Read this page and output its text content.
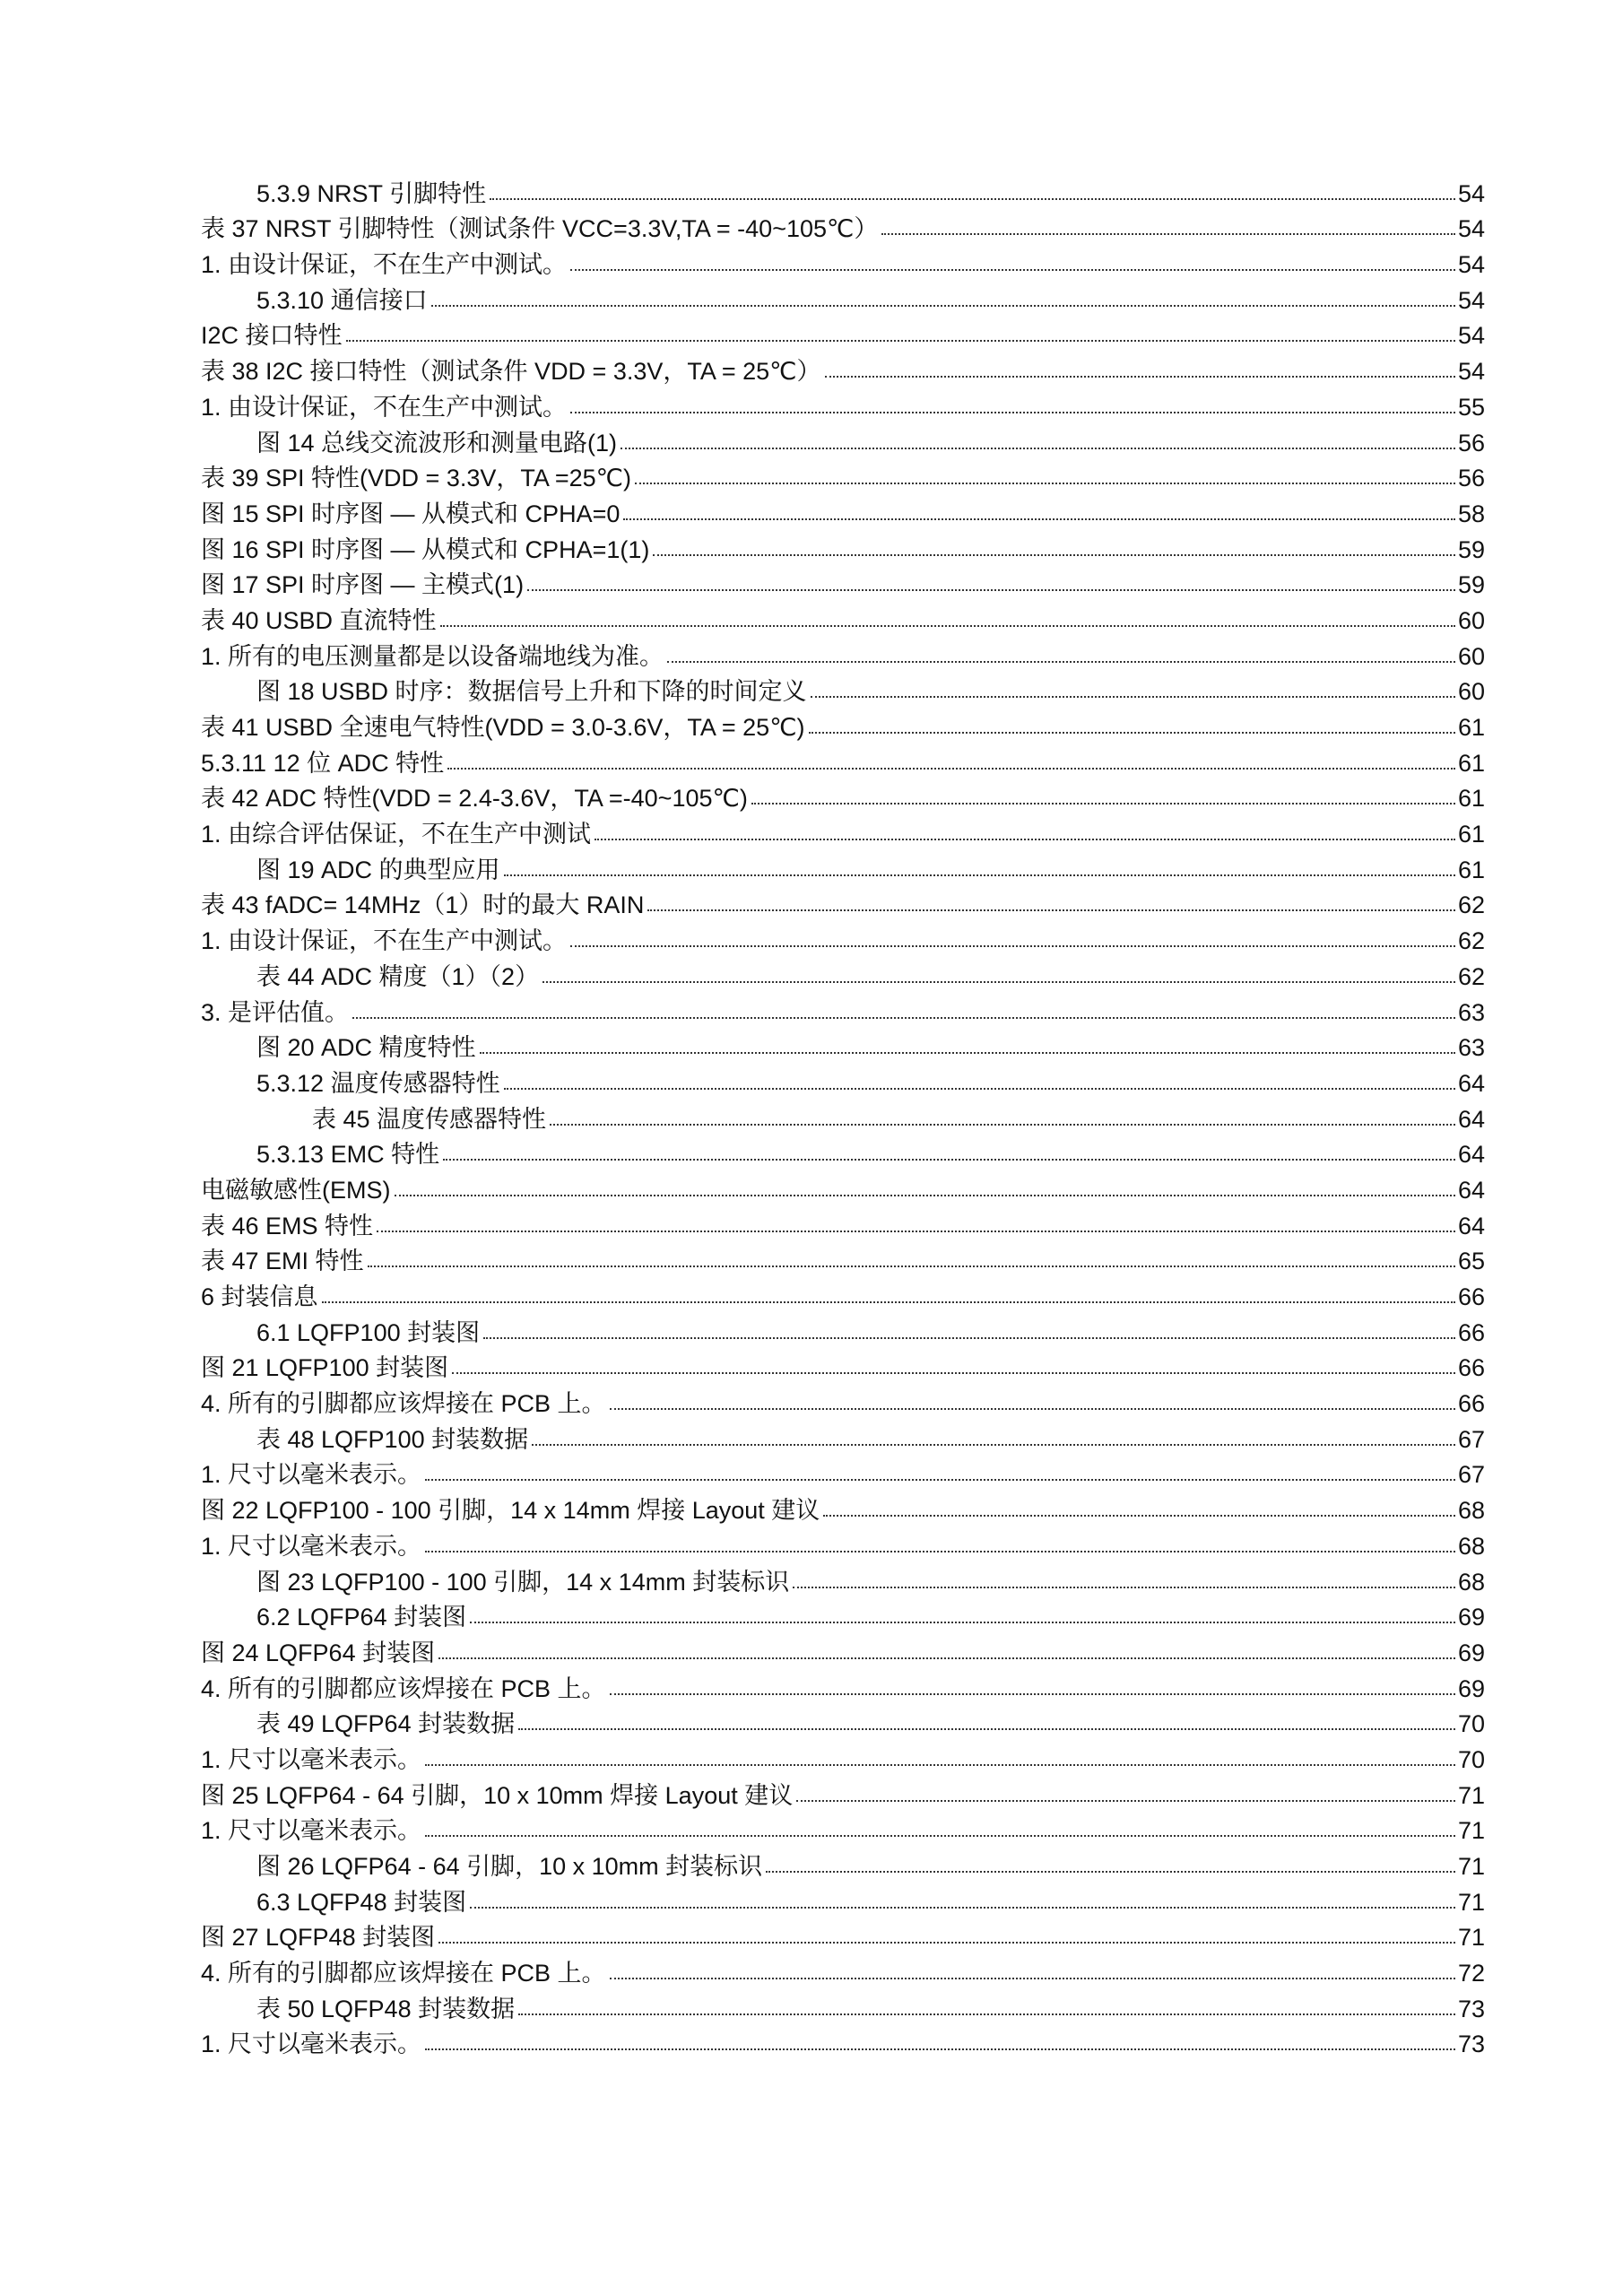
5.3.9 NRST 引脚特性	54
表 37 NRST 引脚特性（测试条件 VCC=3.3V,TA = -40~105℃）	54
1. 由设计保证，不在生产中测试。	54
5.3.10 通信接口	54
I2C 接口特性	54
表 38 I2C 接口特性（测试条件 VDD = 3.3V，TA = 25℃）	54
1. 由设计保证，不在生产中测试。	55
图 14 总线交流波形和测量电路(1)	56
表 39 SPI 特性(VDD = 3.3V，TA =25℃)	56
图 15 SPI 时序图 — 从模式和 CPHA=0	58
图 16 SPI 时序图 — 从模式和 CPHA=1(1)	59
图 17 SPI 时序图 — 主模式(1)	59
表 40 USBD 直流特性	60
1. 所有的电压测量都是以设备端地线为准。	60
图 18 USBD 时序：数据信号上升和下降的时间定义	60
表 41 USBD 全速电气特性(VDD = 3.0-3.6V，TA = 25℃)	61
5.3.11 12 位 ADC 特性	61
表 42 ADC 特性(VDD = 2.4-3.6V，TA =-40~105℃)	61
1. 由综合评估保证，不在生产中测试	61
图 19 ADC 的典型应用	61
表 43 fADC= 14MHz（1）时的最大 RAIN	62
1. 由设计保证，不在生产中测试。	62
表 44 ADC 精度（1）（2）	62
3. 是评估值。	63
图 20 ADC 精度特性	63
5.3.12 温度传感器特性	64
表 45 温度传感器特性	64
5.3.13 EMC 特性	64
电磁敏感性(EMS)	64
表 46 EMS 特性	64
表 47 EMI 特性	65
6 封装信息	66
6.1 LQFP100 封装图	66
图 21 LQFP100 封装图	66
4. 所有的引脚都应该焊接在 PCB 上。	66
表 48 LQFP100 封装数据	67
1. 尺寸以毫米表示。	67
图 22 LQFP100 - 100 引脚，14 x 14mm 焊接 Layout 建议	68
1. 尺寸以毫米表示。	68
图 23 LQFP100 - 100 引脚，14 x 14mm 封装标识	68
6.2 LQFP64 封装图	69
图 24 LQFP64 封装图	69
4. 所有的引脚都应该焊接在 PCB 上。	69
表 49 LQFP64 封装数据	70
1. 尺寸以毫米表示。	70
图 25 LQFP64 - 64 引脚，10 x 10mm 焊接 Layout 建议	71
1. 尺寸以毫米表示。	71
图 26 LQFP64 - 64 引脚，10 x 10mm 封装标识	71
6.3 LQFP48 封装图	71
图 27 LQFP48 封装图	71
4. 所有的引脚都应该焊接在 PCB 上。	72
表 50 LQFP48 封装数据	73
1. 尺寸以毫米表示。	73
